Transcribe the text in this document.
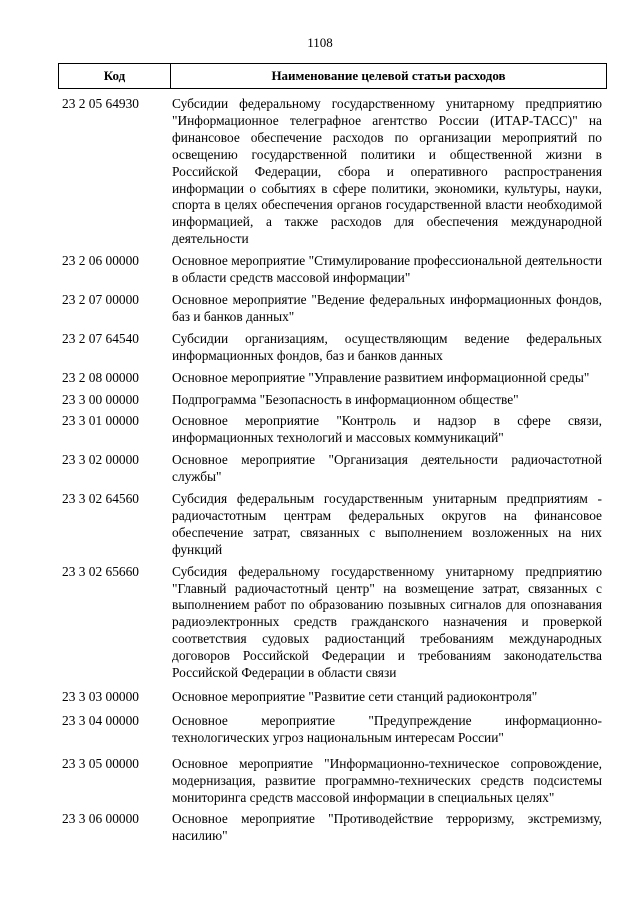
1108
Код	Наименование целевой статьи расходов
23 2 05 64930	Субсидии федеральному государственному унитарному предприятию "Информационное телеграфное агентство России (ИТАР-ТАСС)" на финансовое обеспечение расходов по организации мероприятий по освещению государственной политики и общественной жизни в Российской Федерации, сбора и оперативного распространения информации о событиях в сфере политики, экономики, культуры, науки, спорта в целях обеспечения органов государственной власти необходимой информацией, а также расходов для обеспечения международной деятельности
23 2 06 00000	Основное мероприятие "Стимулирование профессиональной деятельности в области средств массовой информации"
23 2 07 00000	Основное мероприятие "Ведение федеральных информационных фондов, баз и банков данных"
23 2 07 64540	Субсидии организациям, осуществляющим ведение федеральных информационных фондов, баз и банков данных
23 2 08 00000	Основное мероприятие "Управление развитием информационной среды"
23 3 00 00000	Подпрограмма "Безопасность в информационном обществе"
23 3 01 00000	Основное мероприятие "Контроль и надзор в сфере связи, информационных технологий и массовых коммуникаций"
23 3 02 00000	Основное мероприятие "Организация деятельности радиочастотной службы"
23 3 02 64560	Субсидия федеральным государственным унитарным предприятиям - радиочастотным центрам федеральных округов на финансовое обеспечение затрат, связанных с выполнением возложенных на них функций
23 3 02 65660	Субсидия федеральному государственному унитарному предприятию "Главный радиочастотный центр" на возмещение затрат, связанных с выполнением работ по образованию позывных сигналов для опознавания радиоэлектронных средств гражданского назначения и проверкой соответствия судовых радиостанций требованиям международных договоров Российской Федерации и требованиям законодательства Российской Федерации в области связи
23 3 03 00000	Основное мероприятие "Развитие сети станций радиоконтроля"
23 3 04 00000	Основное мероприятие "Предупреждение информационно-технологических угроз национальным интересам России"
23 3 05 00000	Основное мероприятие "Информационно-техническое сопровождение, модернизация, развитие программно-технических средств подсистемы мониторинга средств массовой информации в специальных целях"
23 3 06 00000	Основное мероприятие "Противодействие терроризму, экстремизму, насилию"
